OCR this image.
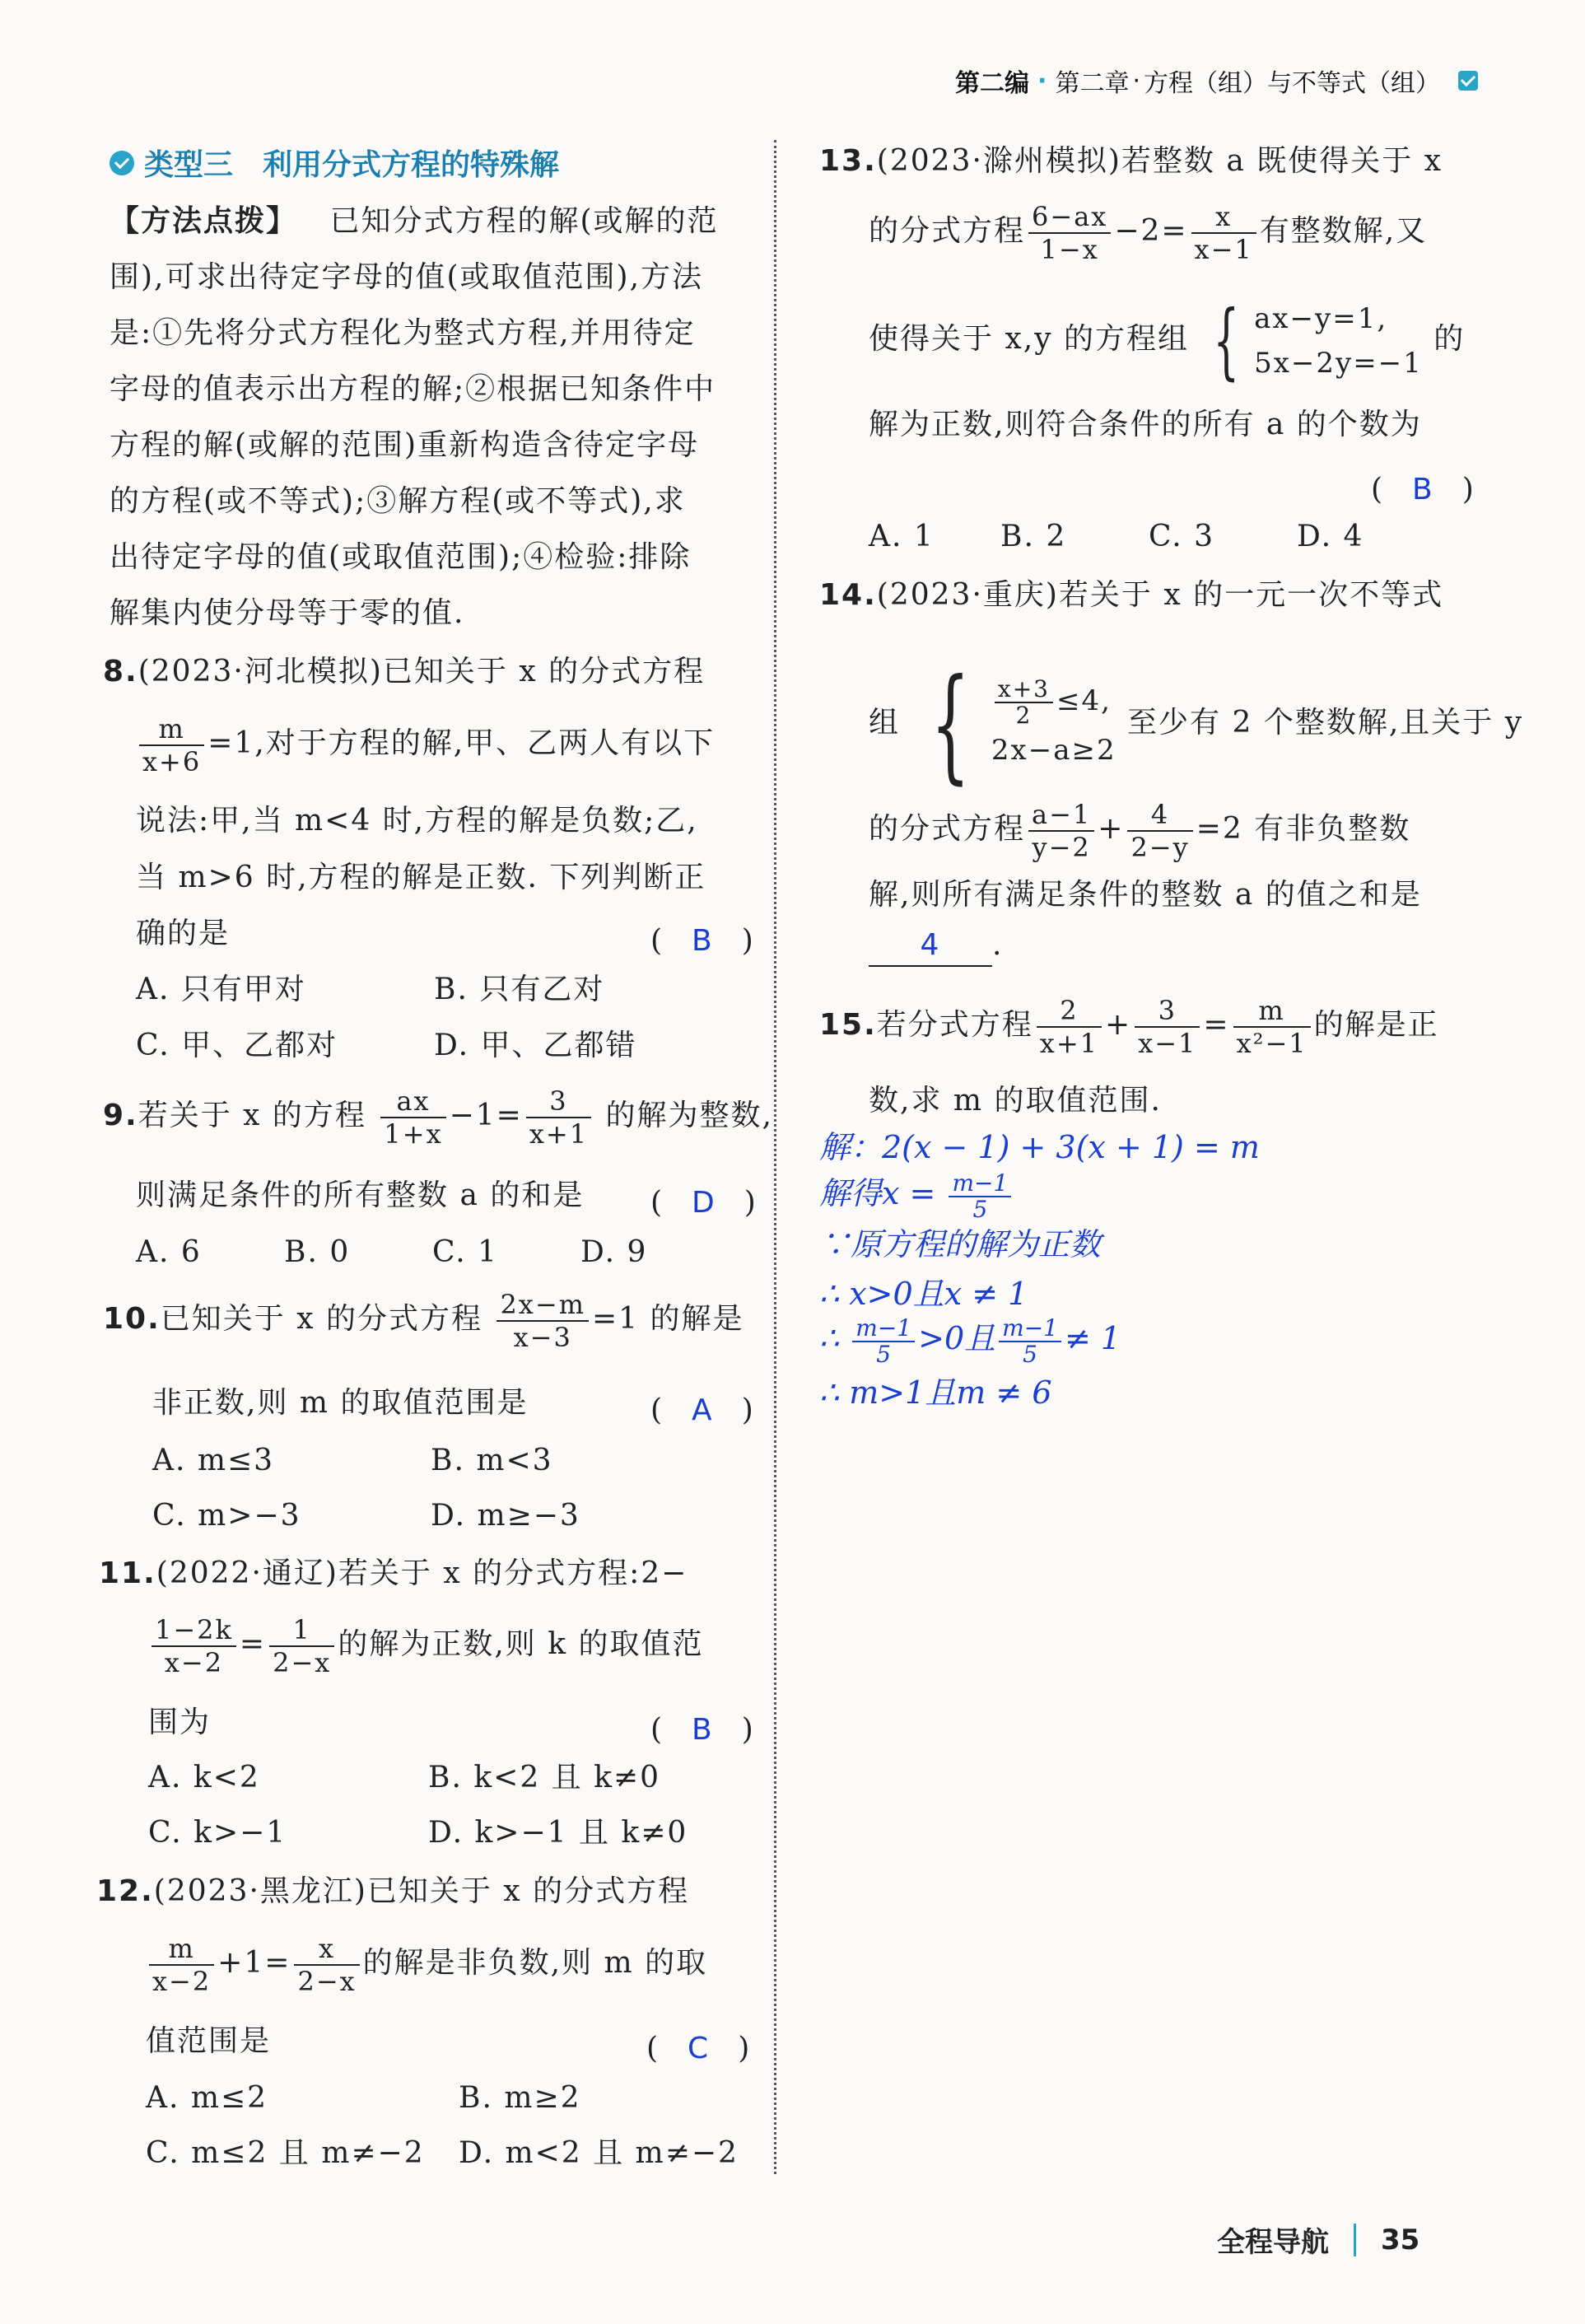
第二编 · 第二章 · 方程（组）与不等式（组）
类型三　利用分式方程的特殊解
【方法点拨】 已知分式方程的解(或解的范
围),可求出待定字母的值(或取值范围),方法
是:①先将分式方程化为整式方程,并用待定
字母的值表示出方程的解;②根据已知条件中
方程的解(或解的范围)重新构造含待定字母
的方程(或不等式);③解方程(或不等式),求
出待定字母的值(或取值范围);④检验:排除
解集内使分母等于零的值.
8.(2023·河北模拟)已知关于 x 的分式方程
$\frac{m}{x+6} =1$,对于方程的解,甲、乙两人有以下
说法:甲,当 m<4 时,方程的解是负数;乙,
当 m>6 时,方程的解是正数. 下列判断正
确的是	(　B　)
A. 只有甲对	B. 只有乙对
C. 甲、乙都对	D. 甲、乙都错
9.若关于 x 的方程 $\frac{ax}{1+x} -1= \frac{3}{x+1}$ 的解为整数,
则满足条件的所有整数 a 的和是 (　D　)
A. 6	B. 0	C. 1	D. 9
10.已知关于 x 的分式方程 $\frac{2x-m}{x-3} =1$ 的解是
非正数,则 m 的取值范围是	(　A　)
A. m≤3	B. m<3
C. m>−3	D. m≥−3
11.(2022·通辽)若关于 x 的分式方程:2−
$\frac{1-2k}{x-2} = \frac{1}{2-x}$ 的解为正数,则 k 的取值范
围为	(　B　)
A. k<2	B. k<2 且 k≠0
C. k>−1	D. k>−1 且 k≠0
12.(2023·黑龙江)已知关于 x 的分式方程
$\frac{m}{x-2} +1= \frac{x}{2-x}$ 的解是非负数,则 m 的取
值范围是	(　C　)
A. m≤2	B. m≥2
C. m≤2 且 m≠−2 D. m<2 且 m≠−2
13.(2023·滁州模拟)若整数 a 既使得关于 x
的分式方程 $\frac{6-ax}{1-x} -2= \frac{x}{x-1}$ 有整数解,又
使得关于 x,y 的方程组 { ax−y=1,
5x−2y=−1
的
解为正数,则符合条件的所有 a 的个数为
(　B　)
A. 1 B. 2	C. 3	D. 4
14.(2023·重庆)若关于 x 的一元一次不等式
组 { $\frac{x+3}{2} \le 4$,
2x−a≥2
至少有 2 个整数解,且关于 y
的分式方程 $\frac{a-1}{y-2} + \frac{4}{2-y} =2$ 有非负整数
解,则所有满足条件的整数 a 的值之和是
4 .
15.若分式方程 $\frac{2}{x+1} + \frac{3}{x-1} = \frac{m}{\text{x²−1}}$ 的解是正
数,求 m 的取值范围.
解：2(x − 1) + 3(x + 1) = m
解得$x = \frac{m-1}{5}$
∵原方程的解为正数
∴ x>0且x ≠ 1
∴ $\frac{m-1}{5} >0$且 $\frac{m-1}{5} \ne 1$
∴ m>1且m ≠ 6
全程导航 35
